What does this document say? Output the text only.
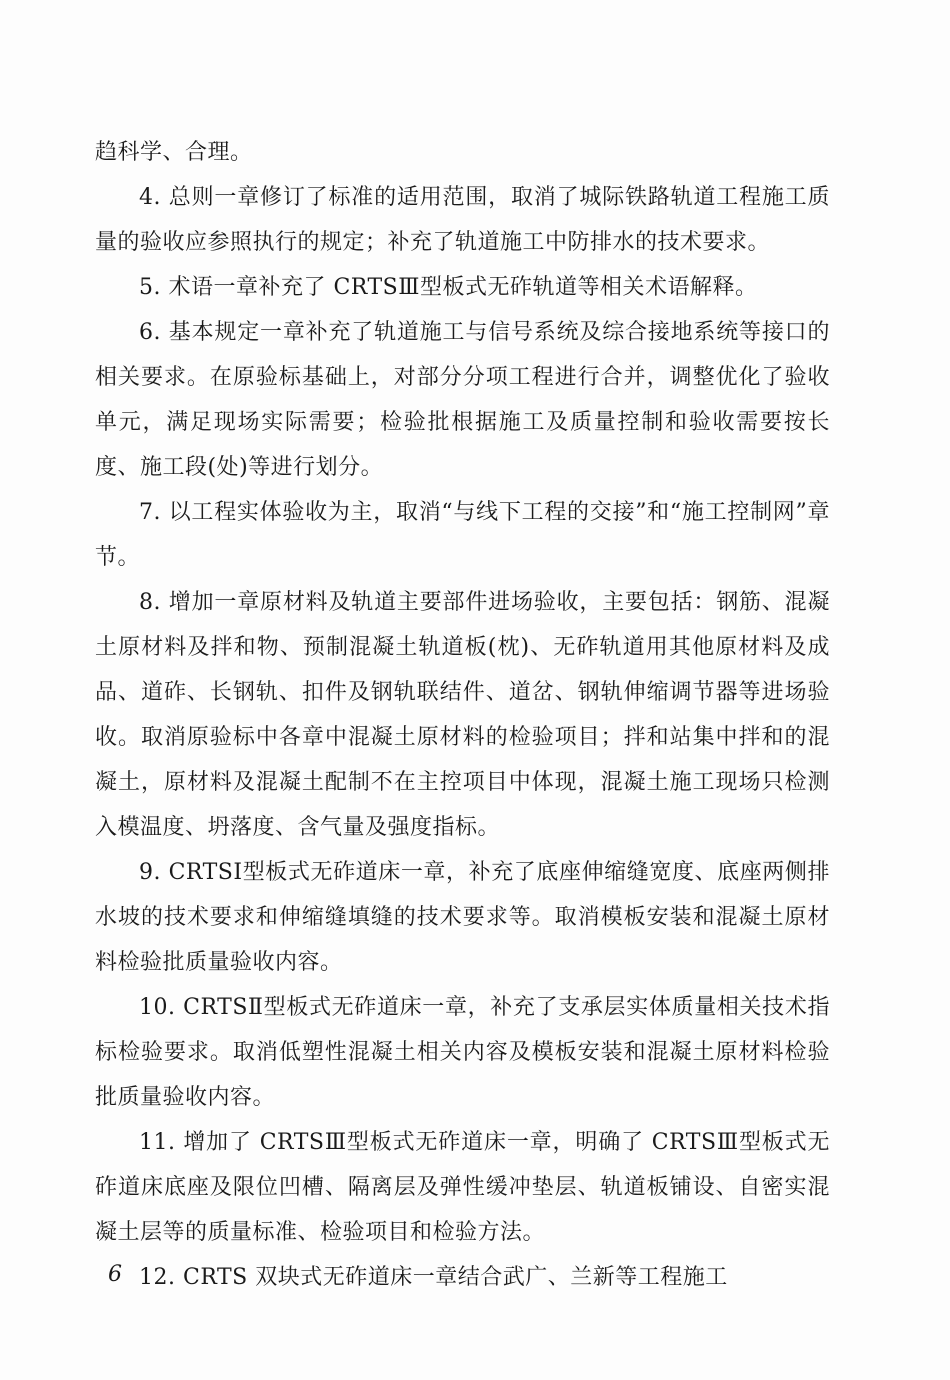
趋科学、合理。

4. 总则一章修订了标准的适用范围，取消了城际铁路轨道工程施工质量的验收应参照执行的规定；补充了轨道施工中防排水的技术要求。

5. 术语一章补充了 CRTSⅢ型板式无砟轨道等相关术语解释。

6. 基本规定一章补充了轨道施工与信号系统及综合接地系统等接口的相关要求。在原验标基础上，对部分分项工程进行合并，调整优化了验收单元，满足现场实际需要；检验批根据施工及质量控制和验收需要按长度、施工段(处)等进行划分。

7. 以工程实体验收为主，取消“与线下工程的交接”和“施工控制网”章节。

8. 增加一章原材料及轨道主要部件进场验收，主要包括：钢筋、混凝土原材料及拌和物、预制混凝土轨道板(枕)、无砟轨道用其他原材料及成品、道砟、长钢轨、扣件及钢轨联结件、道岔、钢轨伸缩调节器等进场验收。取消原验标中各章中混凝土原材料的检验项目；拌和站集中拌和的混凝土，原材料及混凝土配制不在主控项目中体现，混凝土施工现场只检测入模温度、坍落度、含气量及强度指标。

9. CRTSⅠ型板式无砟道床一章，补充了底座伸缩缝宽度、底座两侧排水坡的技术要求和伸缩缝填缝的技术要求等。取消模板安装和混凝土原材料检验批质量验收内容。

10. CRTSⅡ型板式无砟道床一章，补充了支承层实体质量相关技术指标检验要求。取消低塑性混凝土相关内容及模板安装和混凝土原材料检验批质量验收内容。

11. 增加了 CRTSⅢ型板式无砟道床一章，明确了 CRTSⅢ型板式无砟道床底座及限位凹槽、隔离层及弹性缓冲垫层、轨道板铺设、自密实混凝土层等的质量标准、检验项目和检验方法。

12. CRTS 双块式无砟道床一章结合武广、兰新等工程施工

6
